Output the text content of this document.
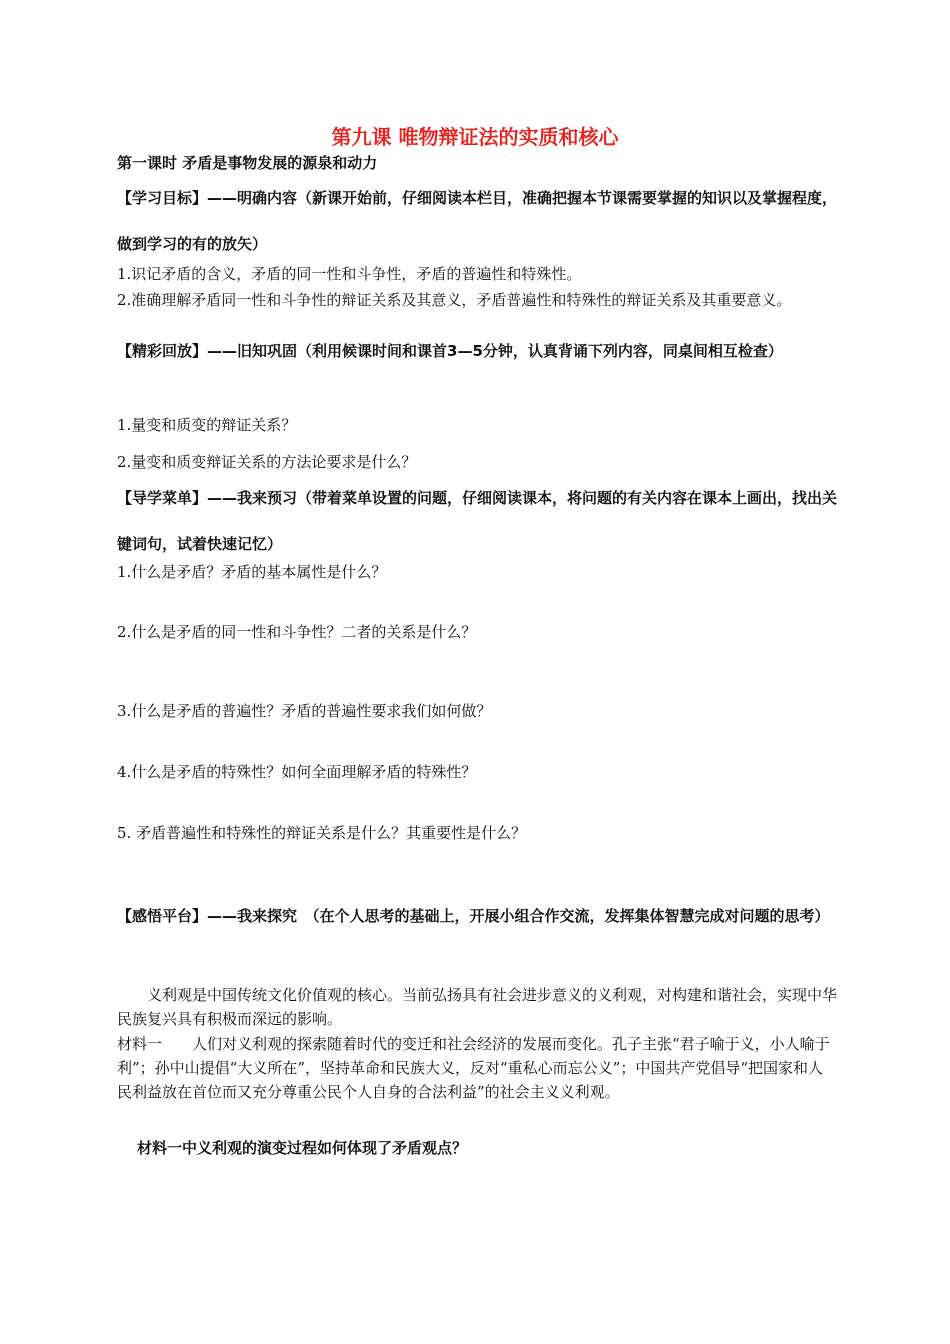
第九课 唯物辩证法的实质和核心
第一课时 矛盾是事物发展的源泉和动力
【学习目标】——明确内容（新课开始前，仔细阅读本栏目，准确把握本节课需要掌握的知识以及掌握程度，做到学习的有的放矢）
1.识记矛盾的含义，矛盾的同一性和斗争性，矛盾的普遍性和特殊性。
2.准确理解矛盾同一性和斗争性的辩证关系及其意义，矛盾普遍性和特殊性的辩证关系及其重要意义。
【精彩回放】——旧知巩固（利用候课时间和课首3—5分钟，认真背诵下列内容，同桌间相互检查）
1.量变和质变的辩证关系？
2.量变和质变辩证关系的方法论要求是什么？
【导学菜单】——我来预习（带着菜单设置的问题，仔细阅读课本，将问题的有关内容在课本上画出，找出关键词句，试着快速记忆）
1.什么是矛盾？矛盾的基本属性是什么？
2.什么是矛盾的同一性和斗争性？二者的关系是什么？
3.什么是矛盾的普遍性？矛盾的普遍性要求我们如何做？
4.什么是矛盾的特殊性？如何全面理解矛盾的特殊性？
5. 矛盾普遍性和特殊性的辩证关系是什么？其重要性是什么？
【感悟平台】——我来探究　（在个人思考的基础上，开展小组合作交流，发挥集体智慧完成对问题的思考）
义利观是中国传统文化价值观的核心。当前弘扬具有社会进步意义的义利观，对构建和谐社会，实现中华民族复兴具有积极而深远的影响。
材料一　　人们对义利观的探索随着时代的变迁和社会经济的发展而变化。孔子主张“君子喻于义，小人喻于利”；孙中山提倡“大义所在”，坚持革命和民族大义，反对“重私心而忘公义”；中国共产党倡导“把国家和人民利益放在首位而又充分尊重公民个人自身的合法利益”的社会主义义利观。
材料一中义利观的演变过程如何体现了矛盾观点？
